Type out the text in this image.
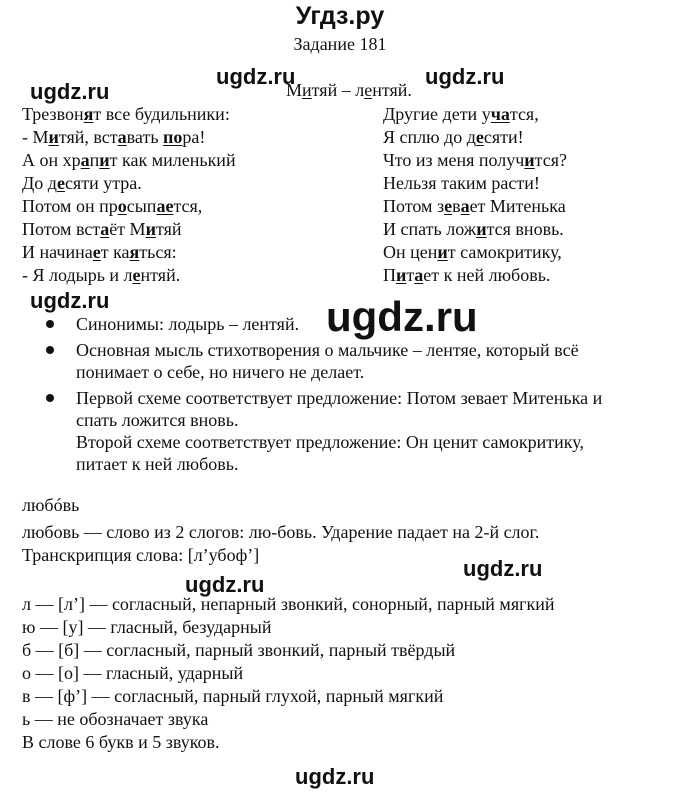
Угдз.ру
Задание 181
ugdz.ru
ugdz.ru	ugdz.ru
ugdz.ru	ugdz.ru
ugdz.ru
ugdz.ru
ugdz.ru
Митяй – лентяй.
Трезвонят все будильники:
- Митяй, вставать пора!
А он храпит как миленький
До десяти утра.
Потом он просыпается,
Потом встаёт Митяй
И начинает каяться:
- Я лодырь и лентяй.
Другие дети учатся,
Я сплю до десяти!
Что из меня получится?
Нельзя таким расти!
Потом зевает Митенька
И спать ложится вновь.
Он ценит самокритику,
Питает к ней любовь.
Синонимы: лодырь – лентяй.
Основная мысль стихотворения о мальчике – лентяе, который всё
понимает о себе, но ничего не делает.
Первой схеме соответствует предложение: Потом зевает Митенька и
спать ложится вновь.
Второй схеме соответствует предложение: Он ценит самокритику,
питает к ней любовь.
любóвь
любовь — слово из 2 слогов: лю-бовь. Ударение падает на 2-й слог.
Транскрипция слова: [л’убоф’]
л — [л’] — согласный, непарный звонкий, сонорный, парный мягкий
ю — [у] — гласный, безударный
б — [б] — согласный, парный звонкий, парный твёрдый
о — [о] — гласный, ударный
в — [ф’] — согласный, парный глухой, парный мягкий
ь — не обозначает звука
В слове 6 букв и 5 звуков.
